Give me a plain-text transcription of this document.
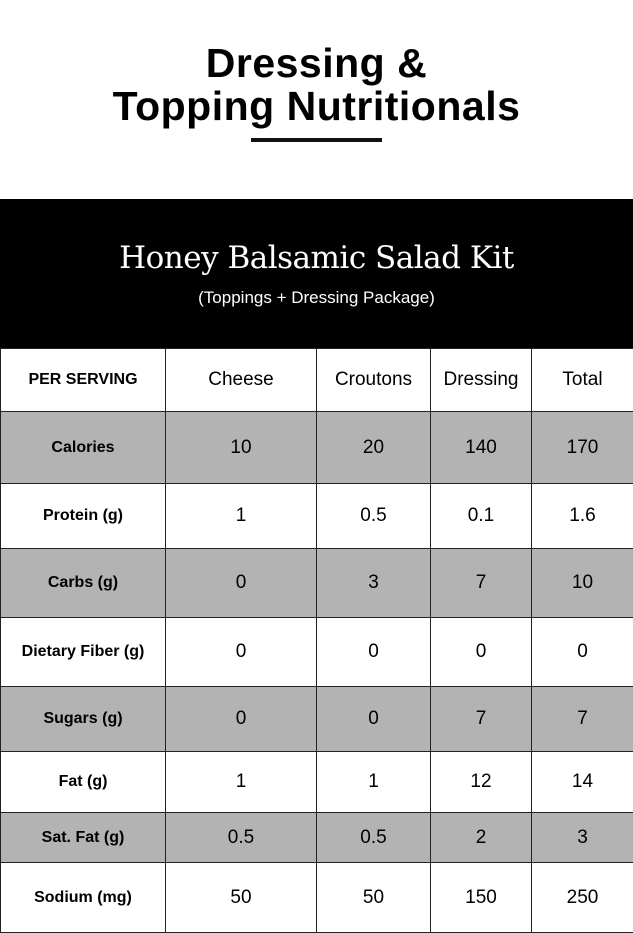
Dressing &
Topping Nutritionals
Honey Balsamic Salad Kit
(Toppings + Dressing Package)
PER SERVING	Cheese	Croutons	Dressing	Total
Calories	10	20	140	170
Protein (g)	1	0.5	0.1	1.6
Carbs (g)	0	3	7	10
Dietary Fiber (g)	0	0	0	0
Sugars (g)	0	0	7	7
Fat (g)	1	1	12	14
Sat. Fat (g)	0.5	0.5	2	3
Sodium (mg)	50	50	150	250
